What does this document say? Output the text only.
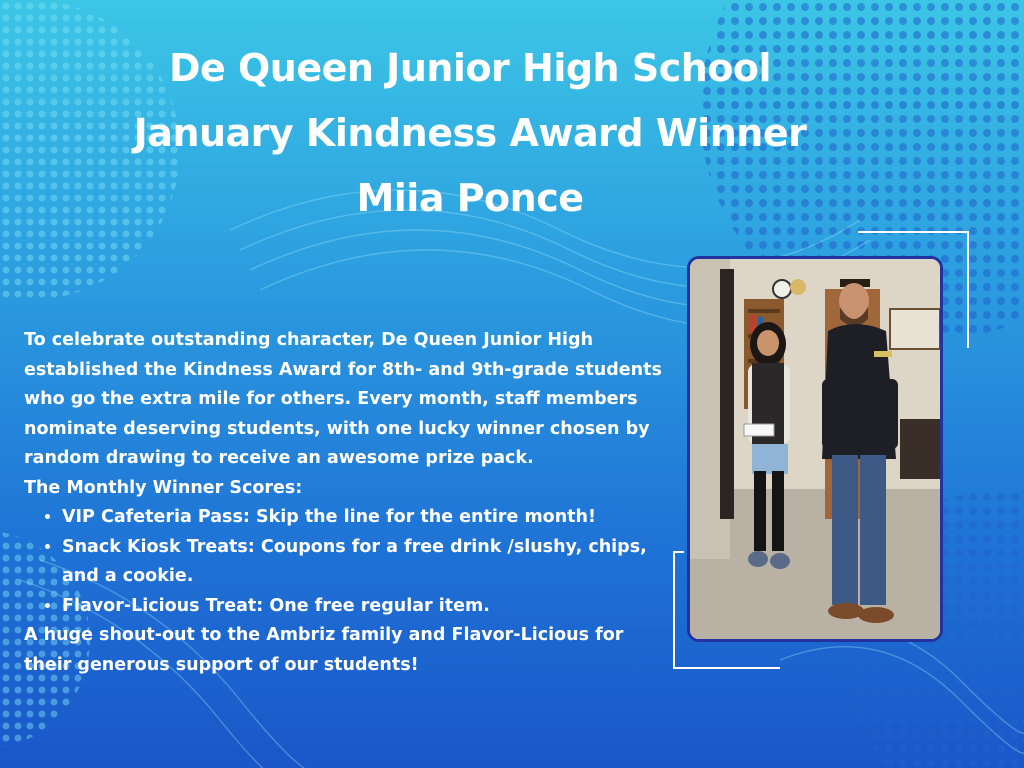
De Queen Junior High School
January Kindness Award Winner
Miia Ponce

To celebrate outstanding character, De Queen Junior High established the Kindness Award for 8th- and 9th-grade students who go the extra mile for others. Every month, staff members nominate deserving students, with one lucky winner chosen by random drawing to receive an awesome prize pack.

The Monthly Winner Scores:

• VIP Cafeteria Pass: Skip the line for the entire month!
• Snack Kiosk Treats: Coupons for a free drink /slushy, chips, and a cookie.
• Flavor-Licious Treat: One free regular item.

A huge shout-out to the Ambriz family and Flavor-Licious for their generous support of our students!
